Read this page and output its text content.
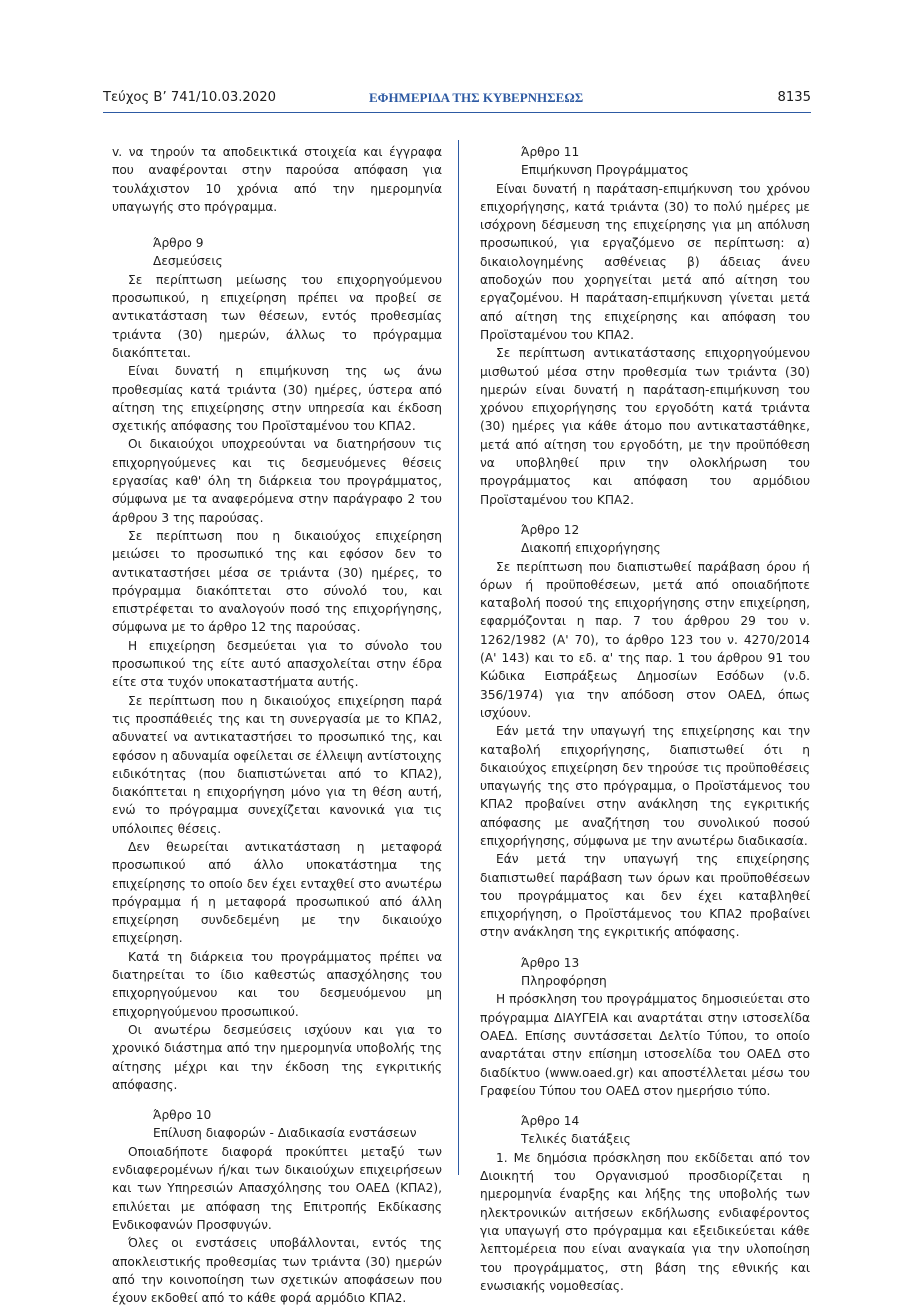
Τεύχος Β’ 741/10.03.2020	ΕΦΗΜΕΡΙΔΑ ΤΗΣ ΚΥΒΕΡΝΗΣΕΩΣ	8135

v. να τηρούν τα αποδεικτικά στοιχεία και έγγραφα που αναφέρονται στην παρούσα απόφαση για τουλάχιστον 10 χρόνια από την ημερομηνία υπαγωγής στο πρόγραμμα.

Άρθρο 9

Δεσμεύσεις

Σε περίπτωση μείωσης του επιχορηγούμενου προσωπικού, η επιχείρηση πρέπει να προβεί σε αντικατάσταση των θέσεων, εντός προθεσμίας τριάντα (30) ημερών, άλλως το πρόγραμμα διακόπτεται.

Είναι δυνατή η επιμήκυνση της ως άνω προθεσμίας κατά τριάντα (30) ημέρες, ύστερα από αίτηση της επιχείρησης στην υπηρεσία και έκδοση σχετικής απόφασης του Προϊσταμένου του ΚΠΑ2.

Οι δικαιούχοι υποχρεούνται να διατηρήσουν τις επιχορηγούμενες και τις δεσμευόμενες θέσεις εργασίας καθ' όλη τη διάρκεια του προγράμματος, σύμφωνα με τα αναφερόμενα στην παράγραφο 2 του άρθρου 3 της παρούσας.

Σε περίπτωση που η δικαιούχος επιχείρηση μειώσει το προσωπικό της και εφόσον δεν το αντικαταστήσει μέσα σε τριάντα (30) ημέρες, το πρόγραμμα διακόπτεται στο σύνολό του, και επιστρέφεται το αναλογούν ποσό της επιχορήγησης, σύμφωνα με το άρθρο 12 της παρούσας.

Η επιχείρηση δεσμεύεται για το σύνολο του προσωπικού της είτε αυτό απασχολείται στην έδρα είτε στα τυχόν υποκαταστήματα αυτής.

Σε περίπτωση που η δικαιούχος επιχείρηση παρά τις προσπάθειές της και τη συνεργασία με το ΚΠΑ2, αδυνατεί να αντικαταστήσει το προσωπικό της, και εφόσον η αδυναμία οφείλεται σε έλλειψη αντίστοιχης ειδικότητας (που διαπιστώνεται από το ΚΠΑ2), διακόπτεται η επιχορήγηση μόνο για τη θέση αυτή, ενώ το πρόγραμμα συνεχίζεται κανονικά για τις υπόλοιπες θέσεις.

Δεν θεωρείται αντικατάσταση η μεταφορά προσωπικού από άλλο υποκατάστημα της επιχείρησης το οποίο δεν έχει ενταχθεί στο ανωτέρω πρόγραμμα ή η μεταφορά προσωπικού από άλλη επιχείρηση συνδεδεμένη με την δικαιούχο επιχείρηση.

Κατά τη διάρκεια του προγράμματος πρέπει να διατηρείται το ίδιο καθεστώς απασχόλησης του επιχορηγούμενου και του δεσμευόμενου μη επιχορηγούμενου προσωπικού.

Οι ανωτέρω δεσμεύσεις ισχύουν και για το χρονικό διάστημα από την ημερομηνία υποβολής της αίτησης μέχρι και την έκδοση της εγκριτικής απόφασης.

Άρθρο 10

Επίλυση διαφορών - Διαδικασία ενστάσεων

Οποιαδήποτε διαφορά προκύπτει μεταξύ των ενδιαφερομένων ή/και των δικαιούχων επιχειρήσεων και των Υπηρεσιών Απασχόλησης του ΟΑΕΔ (ΚΠΑ2), επιλύεται με απόφαση της Επιτροπής Εκδίκασης Ενδικοφανών Προσφυγών.

Όλες οι ενστάσεις υποβάλλονται, εντός της αποκλειστικής προθεσμίας των τριάντα (30) ημερών από την κοινοποίηση των σχετικών αποφάσεων που έχουν εκδοθεί από το κάθε φορά αρμόδιο ΚΠΑ2.

Άρθρο 11

Επιμήκυνση Προγράμματος

Είναι δυνατή η παράταση-επιμήκυνση του χρόνου επιχορήγησης, κατά τριάντα (30) το πολύ ημέρες με ισόχρονη δέσμευση της επιχείρησης για μη απόλυση προσωπικού, για εργαζόμενο σε περίπτωση: α) δικαιολογημένης ασθένειας β) άδειας άνευ αποδοχών που χορηγείται μετά από αίτηση του εργαζομένου. Η παράταση-επιμήκυνση γίνεται μετά από αίτηση της επιχείρησης και απόφαση του Προϊσταμένου του ΚΠΑ2.

Σε περίπτωση αντικατάστασης επιχορηγούμενου μισθωτού μέσα στην προθεσμία των τριάντα (30) ημερών είναι δυνατή η παράταση-επιμήκυνση του χρόνου επιχορήγησης του εργοδότη κατά τριάντα (30) ημέρες για κάθε άτομο που αντικαταστάθηκε, μετά από αίτηση του εργοδότη, με την προϋπόθεση να υποβληθεί πριν την ολοκλήρωση του προγράμματος και απόφαση του αρμόδιου Προϊσταμένου του ΚΠΑ2.

Άρθρο 12

Διακοπή επιχορήγησης

Σε περίπτωση που διαπιστωθεί παράβαση όρου ή όρων ή προϋποθέσεων, μετά από οποιαδήποτε καταβολή ποσού της επιχορήγησης στην επιχείρηση, εφαρμόζονται η παρ. 7 του άρθρου 29 του ν. 1262/1982 (Α' 70), το άρθρο 123 του ν. 4270/2014 (Α' 143) και το εδ. α' της παρ. 1 του άρθρου 91 του Κώδικα Εισπράξεως Δημοσίων Εσόδων (ν.δ. 356/1974) για την απόδοση στον ΟΑΕΔ, όπως ισχύουν.

Εάν μετά την υπαγωγή της επιχείρησης και την καταβολή επιχορήγησης, διαπιστωθεί ότι η δικαιούχος επιχείρηση δεν τηρούσε τις προϋποθέσεις υπαγωγής της στο πρόγραμμα, ο Προϊστάμενος του ΚΠΑ2 προβαίνει στην ανάκληση της εγκριτικής απόφασης με αναζήτηση του συνολικού ποσού επιχορήγησης, σύμφωνα με την ανωτέρω διαδικασία.

Εάν μετά την υπαγωγή της επιχείρησης διαπιστωθεί παράβαση των όρων και προϋποθέσεων του προγράμματος και δεν έχει καταβληθεί επιχορήγηση, ο Προϊστάμενος του ΚΠΑ2 προβαίνει στην ανάκληση της εγκριτικής απόφασης.

Άρθρο 13

Πληροφόρηση

Η πρόσκληση του προγράμματος δημοσιεύεται στο πρόγραμμα ΔΙΑΥΓΕΙΑ και αναρτάται στην ιστοσελίδα ΟΑΕΔ. Επίσης συντάσσεται Δελτίο Τύπου, το οποίο αναρτάται στην επίσημη ιστοσελίδα του ΟΑΕΔ στο διαδίκτυο (www.oaed.gr) και αποστέλλεται μέσω του Γραφείου Τύπου του ΟΑΕΔ στον ημερήσιο τύπο.

Άρθρο 14

Τελικές διατάξεις

1. Με δημόσια πρόσκληση που εκδίδεται από τον Διοικητή του Οργανισμού προσδιορίζεται η ημερομηνία έναρξης και λήξης της υποβολής των ηλεκτρονικών αιτήσεων εκδήλωσης ενδιαφέροντος για υπαγωγή στο πρόγραμμα και εξειδικεύεται κάθε λεπτομέρεια που είναι αναγκαία για την υλοποίηση του προγράμματος, στη βάση της εθνικής και ενωσιακής νομοθεσίας.
